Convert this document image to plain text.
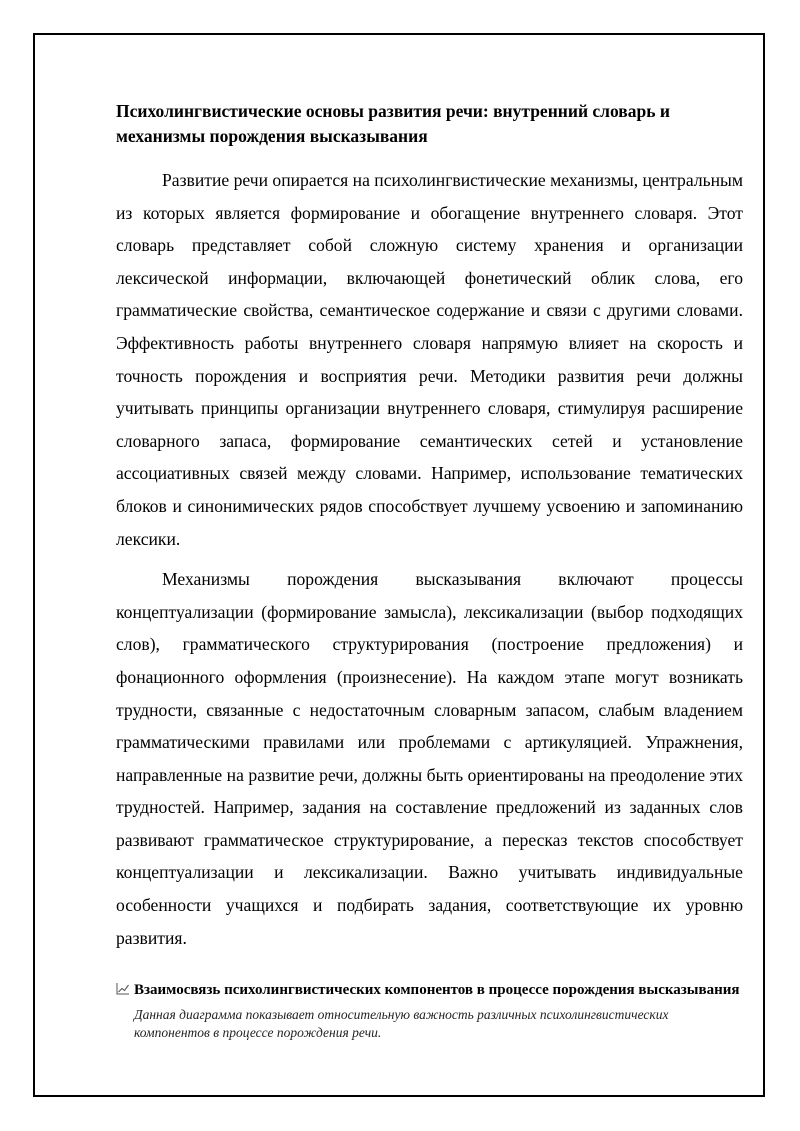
Психолингвистические основы развития речи: внутренний словарь и механизмы порождения высказывания

Развитие речи опирается на психолингвистические механизмы, центральным из которых является формирование и обогащение внутреннего словаря. Этот словарь представляет собой сложную систему хранения и организации лексической информации, включающей фонетический облик слова, его грамматические свойства, семантическое содержание и связи с другими словами. Эффективность работы внутреннего словаря напрямую влияет на скорость и точность порождения и восприятия речи. Методики развития речи должны учитывать принципы организации внутреннего словаря, стимулируя расширение словарного запаса, формирование семантических сетей и установление ассоциативных связей между словами. Например, использование тематических блоков и синонимических рядов способствует лучшему усвоению и запоминанию лексики.

Механизмы порождения высказывания включают процессы концептуализации (формирование замысла), лексикализации (выбор подходящих слов), грамматического структурирования (построение предложения) и фонационного оформления (произнесение). На каждом этапе могут возникать трудности, связанные с недостаточным словарным запасом, слабым владением грамматическими правилами или проблемами с артикуляцией. Упражнения, направленные на развитие речи, должны быть ориентированы на преодоление этих трудностей. Например, задания на составление предложений из заданных слов развивают грамматическое структурирование, а пересказ текстов способствует концептуализации и лексикализации. Важно учитывать индивидуальные особенности учащихся и подбирать задания, соответствующие их уровню развития.

Взаимосвязь психолингвистических компонентов в процессе порождения высказывания
Данная диаграмма показывает относительную важность различных психолингвистических компонентов в процессе порождения речи.
